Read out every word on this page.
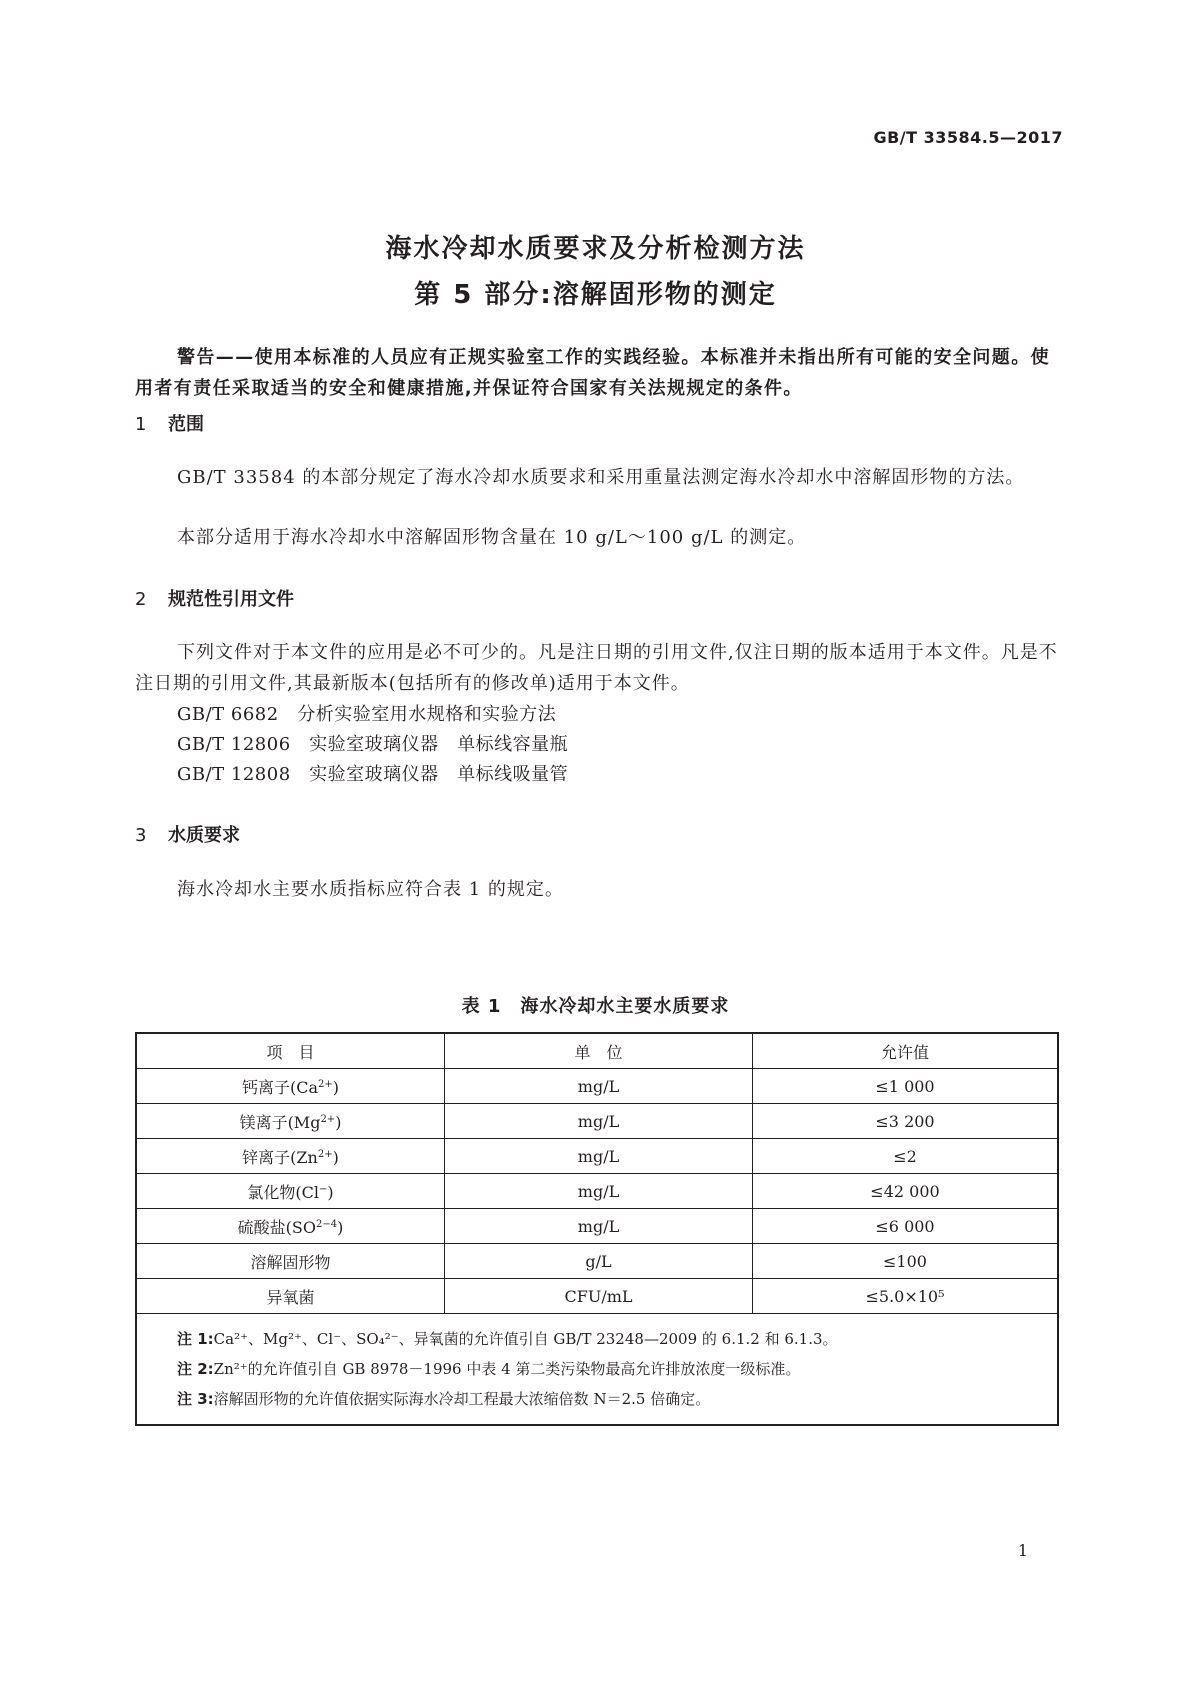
GB/T 33584.5—2017
海水冷却水质要求及分析检测方法
第 5 部分:溶解固形物的测定
警告——使用本标准的人员应有正规实验室工作的实践经验。本标准并未指出所有可能的安全问题。使用者有责任采取适当的安全和健康措施,并保证符合国家有关法规规定的条件。
1 范围
GB/T 33584 的本部分规定了海水冷却水质要求和采用重量法测定海水冷却水中溶解固形物的方法。
本部分适用于海水冷却水中溶解固形物含量在 10 g/L～100 g/L 的测定。
2 规范性引用文件
下列文件对于本文件的应用是必不可少的。凡是注日期的引用文件,仅注日期的版本适用于本文件。凡是不注日期的引用文件,其最新版本(包括所有的修改单)适用于本文件。
GB/T 6682　分析实验室用水规格和实验方法
GB/T 12806　实验室玻璃仪器　单标线容量瓶
GB/T 12808　实验室玻璃仪器　单标线吸量管
3 水质要求
海水冷却水主要水质指标应符合表 1 的规定。
表 1　海水冷却水主要水质要求
项　目	单　位	允许值
钙离子$(Ca^{2+})$	mg/L	≤1 000
镁离子$(Mg^{2+})$	mg/L	≤3 200
锌离子$(Zn^{2+})$	mg/L	≤2
氯化物(Cl−)	mg/L	≤42 000
硫酸盐$(SO^{2-4})$	mg/L	≤6 000
溶解固形物	g/L	≤100
异氧菌	CFU/mL	≤5.0×10⁵
注 1:Ca²⁺、Mg²⁺、Cl⁻、SO₄²⁻、异氧菌的允许值引自 GB/T 23248—2009 的 6.1.2 和 6.1.3。
注 2:Zn²⁺的允许值引自 GB 8978－1996 中表 4 第二类污染物最高允许排放浓度一级标准。
注 3:溶解固形物的允许值依据实际海水冷却工程最大浓缩倍数 N＝2.5 倍确定。
1
